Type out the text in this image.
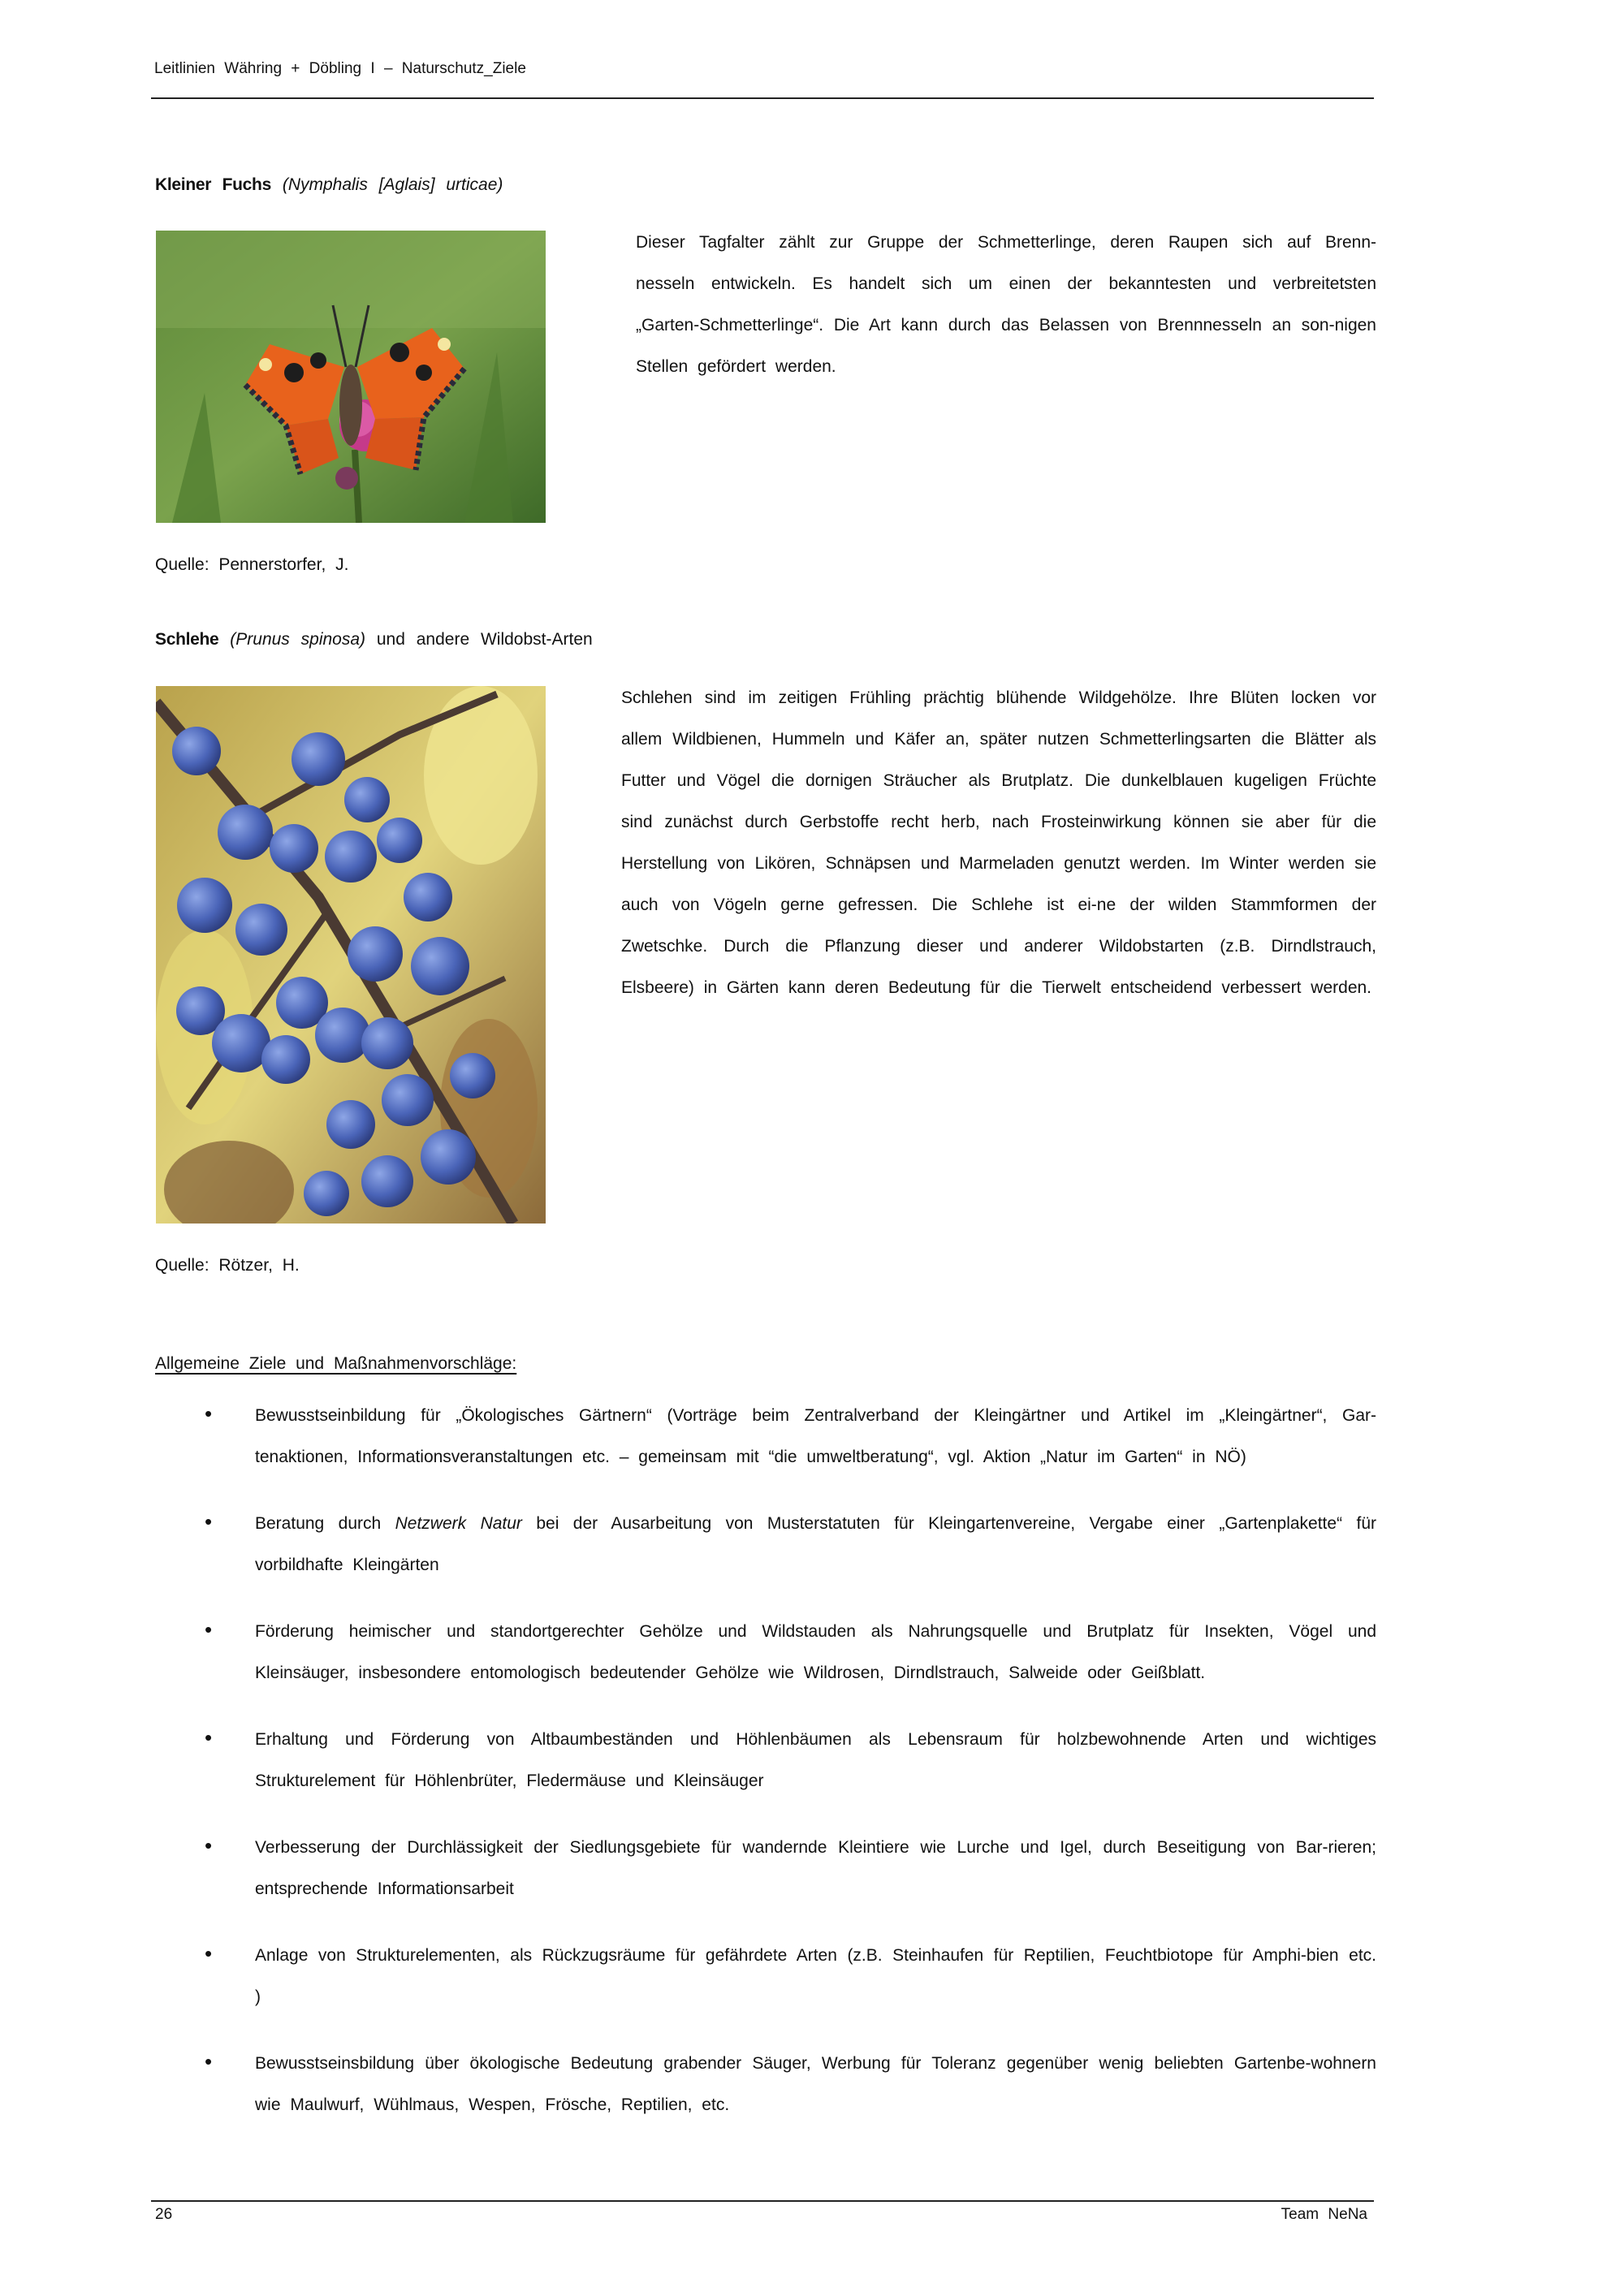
Leitlinien Währing + Döbling I – Naturschutz_Ziele
Kleiner Fuchs (Nymphalis [Aglais] urticae)
Dieser Tagfalter zählt zur Gruppe der Schmetterlinge, deren Raupen sich auf Brenn-nesseln entwickeln. Es handelt sich um einen der bekanntesten und verbreitetsten „Garten-Schmetterlinge“. Die Art kann durch das Belassen von Brennnesseln an son-nigen Stellen gefördert werden.
Quelle: Pennerstorfer, J.
Schlehe (Prunus spinosa) und andere Wildobst-Arten
Schlehen sind im zeitigen Frühling prächtig blühende Wildgehölze. Ihre Blüten locken vor allem Wildbienen, Hummeln und Käfer an, später nutzen Schmetterlingsarten die Blätter als Futter und Vögel die dornigen Sträucher als Brutplatz. Die dunkelblauen kugeligen Früchte sind zunächst durch Gerbstoffe recht herb, nach Frosteinwirkung können sie aber für die Herstellung von Likören, Schnäpsen und Marmeladen genutzt werden. Im Winter werden sie auch von Vögeln gerne gefressen. Die Schlehe ist ei-ne der wilden Stammformen der Zwetschke. Durch die Pflanzung dieser und anderer Wildobstarten (z.B. Dirndlstrauch, Elsbeere) in Gärten kann deren Bedeutung für die Tierwelt entscheidend verbessert werden.
Quelle: Rötzer, H.
Allgemeine Ziele und Maßnahmenvorschläge:
•	Bewusstseinbildung für „Ökologisches Gärtnern“ (Vorträge beim Zentralverband der Kleingärtner und Artikel im „Kleingärtner“, Gar-tenaktionen, Informationsveranstaltungen etc. – gemeinsam mit “die umweltberatung“, vgl. Aktion „Natur im Garten“ in NÖ)
•	Beratung durch Netzwerk Natur bei der Ausarbeitung von Musterstatuten für Kleingartenvereine, Vergabe einer „Gartenplakette“ für vorbildhafte Kleingärten
•	Förderung heimischer und standortgerechter Gehölze und Wildstauden als Nahrungsquelle und Brutplatz für Insekten, Vögel und Kleinsäuger, insbesondere entomologisch bedeutender Gehölze wie Wildrosen, Dirndlstrauch, Salweide oder Geißblatt.
•	Erhaltung und Förderung von Altbaumbeständen und Höhlenbäumen als Lebensraum für holzbewohnende Arten und wichtiges Strukturelement für Höhlenbrüter, Fledermäuse und Kleinsäuger
•	Verbesserung der Durchlässigkeit der Siedlungsgebiete für wandernde Kleintiere wie Lurche und Igel, durch Beseitigung von Bar-rieren; entsprechende Informationsarbeit
•	Anlage von Strukturelementen, als Rückzugsräume für gefährdete Arten (z.B. Steinhaufen für Reptilien, Feuchtbiotope für Amphi-bien etc. )
•	Bewusstseinsbildung über ökologische Bedeutung grabender Säuger, Werbung für Toleranz gegenüber wenig beliebten Gartenbe-wohnern wie Maulwurf, Wühlmaus, Wespen, Frösche, Reptilien, etc.
26	Team NeNa
